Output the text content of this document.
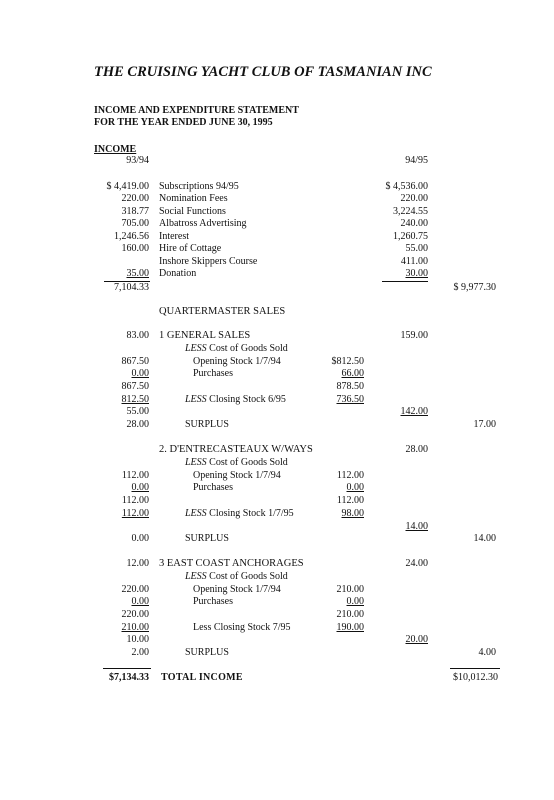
THE CRUISING YACHT CLUB OF TASMANIAN INC
INCOME AND EXPENDITURE STATEMENT
FOR THE YEAR ENDED JUNE 30, 1995
INCOME
93/94	94/95
$ 4,419.00 Subscriptions 94/95	$ 4,536.00
220.00 Nomination Fees	220.00
318.77 Social Functions	3,224.55
705.00 Albatross Advertising	240.00
1,246.56 Interest	1,260.75
160.00 Hire of Cottage	55.00
Inshore Skippers Course	411.00
35.00 Donation	30.00
7,104.33	$ 9,977.30
QUARTERMASTER SALES
83.00 1 GENERAL SALES	159.00
LESS Cost of Goods Sold
867.50	Opening Stock 1/7/94	$812.50
0.00	Purchases	66.00
867.50	878.50
812.50	LESS Closing Stock 6/95	736.50
55.00	142.00
28.00	SURPLUS	17.00
2. D'ENTRECASTEAUX W/WAYS	28.00
LESS Cost of Goods Sold
112.00	Opening Stock 1/7/94	112.00
0.00	Purchases	0.00
112.00	112.00
112.00	LESS Closing Stock 1/7/95	98.00
14.00
0.00	SURPLUS	14.00
12.00 3 EAST COAST ANCHORAGES	24.00
LESS Cost of Goods Sold
220.00	Opening Stock 1/7/94	210.00
0.00	Purchases	0.00
220.00	210.00
210.00	Less Closing Stock 7/95	190.00
10.00	20.00
2.00	SURPLUS	4.00
$7,134.33 TOTAL INCOME	$10,012.30
